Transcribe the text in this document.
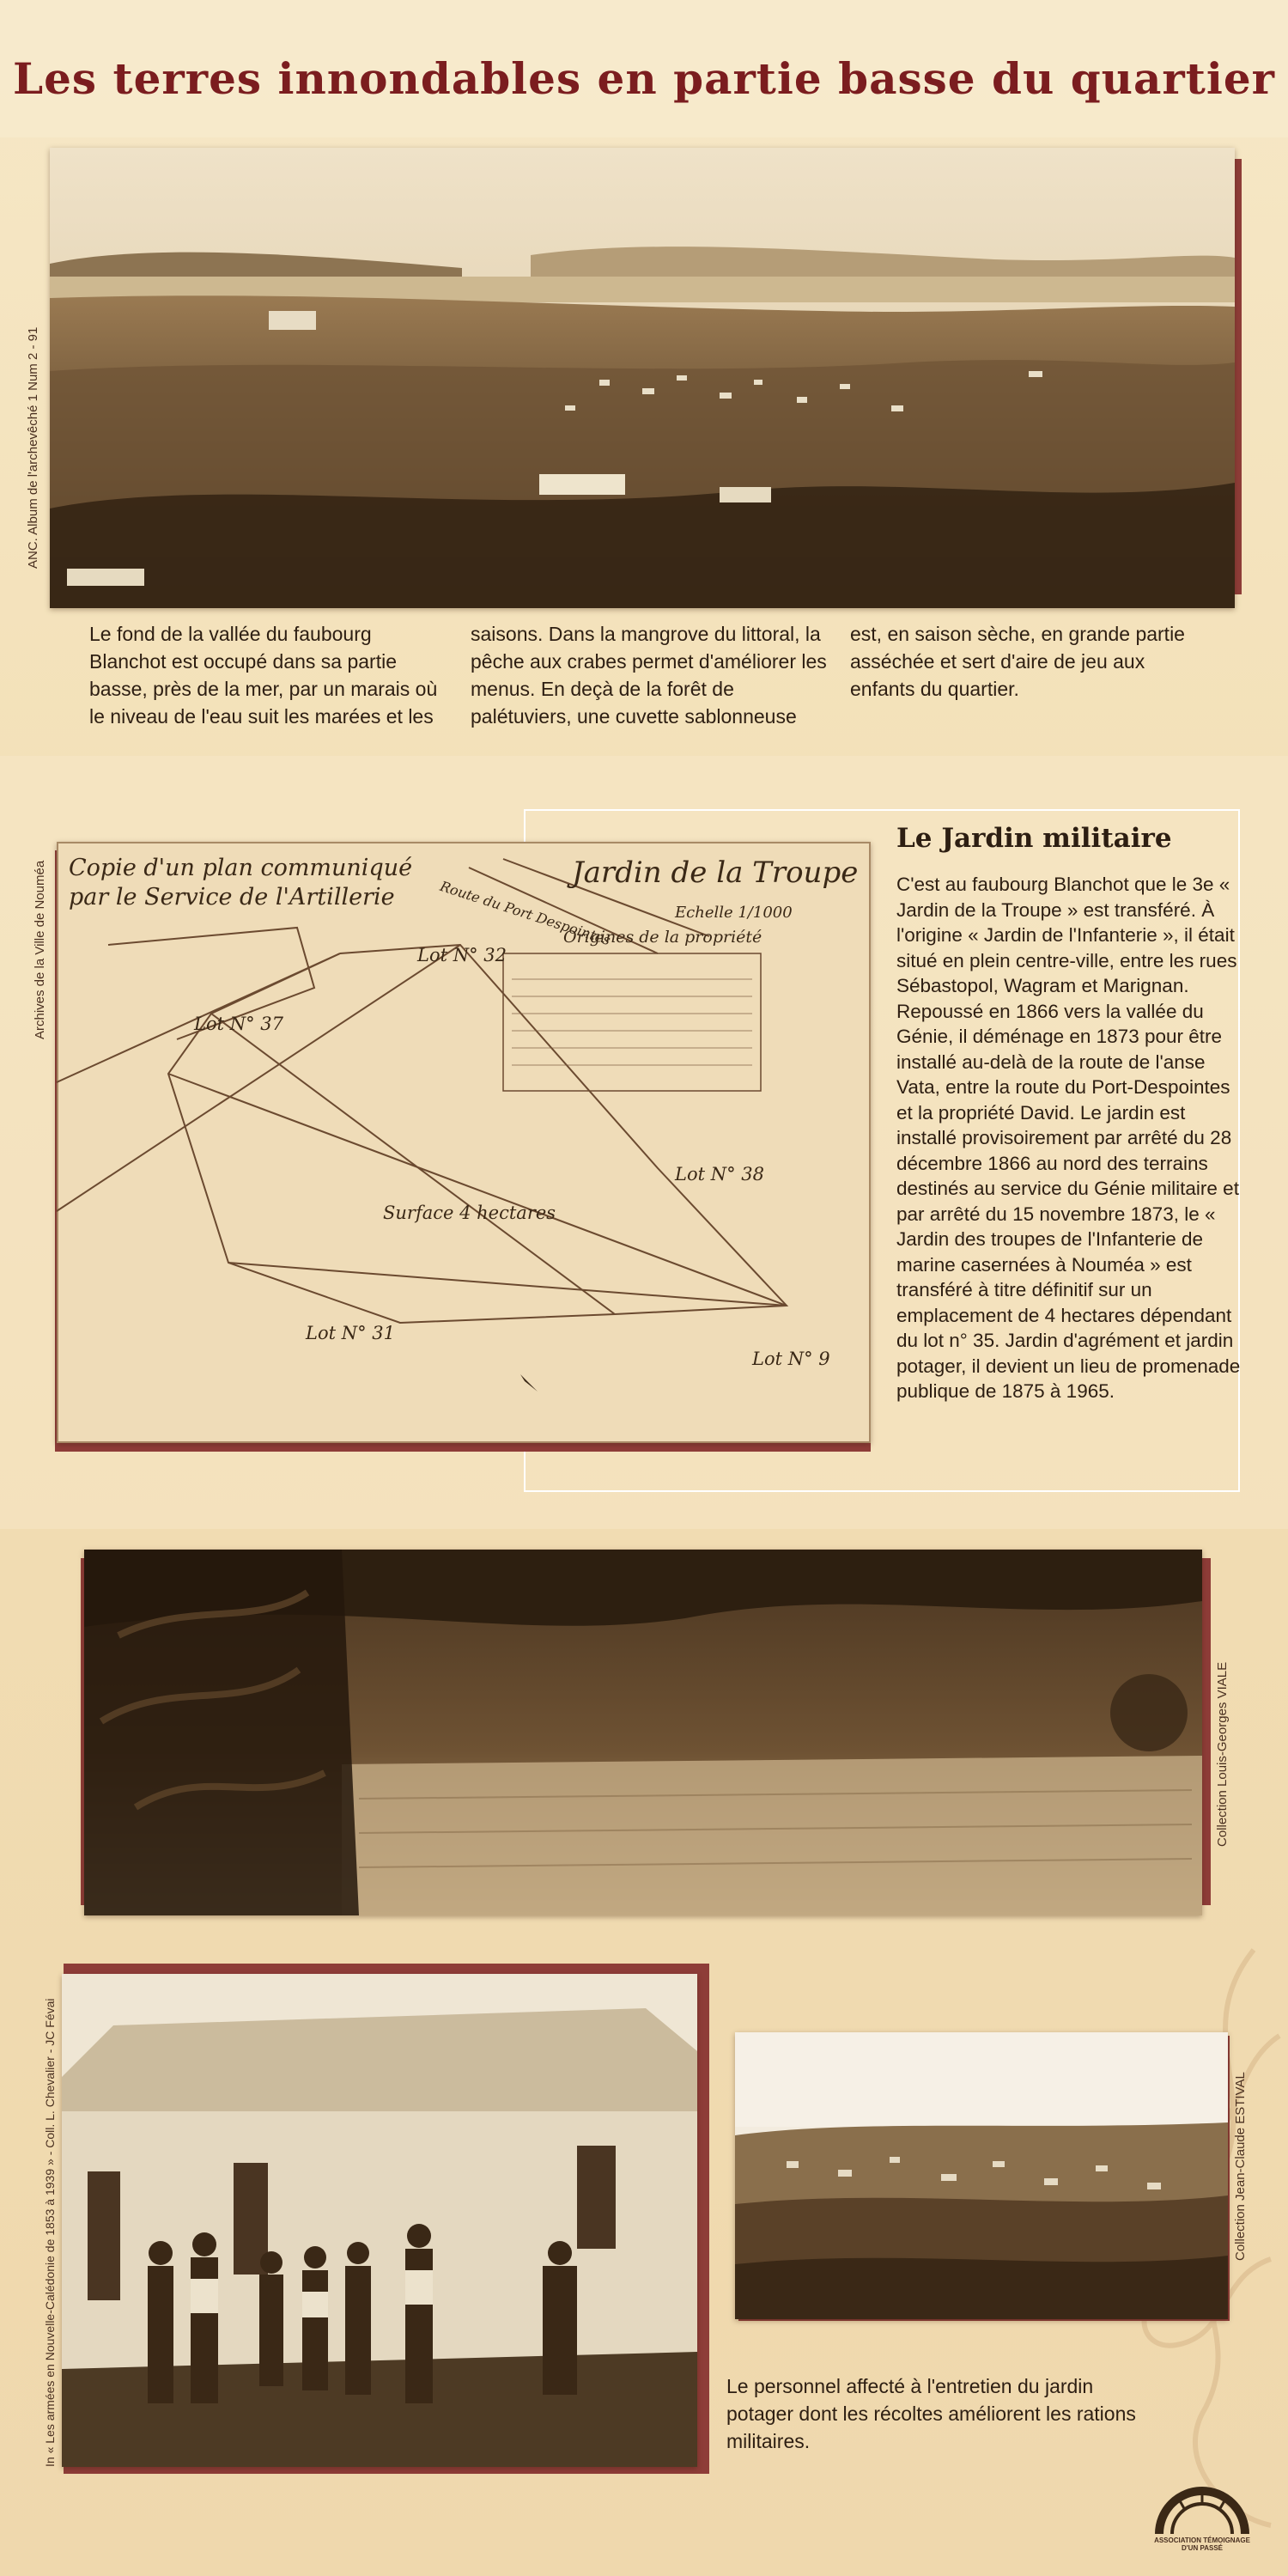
Les terres innondables en partie basse du quartier
ANC. Album de l'archevêché 1 Num 2 - 91
Le fond de la vallée du faubourg Blanchot est occupé dans sa partie basse, près de la mer, par un marais où le niveau de l'eau suit les marées et les
saisons. Dans la mangrove du littoral, la pêche aux crabes permet d'améliorer les menus. En deçà de la forêt de palétuviers, une cuvette sablonneuse
est, en saison sèche, en grande partie asséchée et sert d'aire de jeu aux enfants du quartier.
Copie d'un plan communiqué par le Service de l'Artillerie
Jardin de la Troupe
Echelle 1/1000
Origines de la propriété
Route du Port Despointes
Surface 4 hectares
Lot N° 32
Lot N° 37
Lot N° 38
Lot N° 31
Lot N° 9
Archives de la Ville de Nouméa
Le Jardin militaire
C'est au faubourg Blanchot que le 3e « Jardin de la Troupe » est transféré. À l'origine « Jardin de l'Infanterie », il était situé en plein centre-ville, entre les rues Sébastopol, Wagram et Marignan. Repoussé en 1866 vers la vallée du Génie, il déménage en 1873 pour être installé au-delà de la route de l'anse Vata, entre la route du Port-Despointes et la propriété David. Le jardin est installé provisoirement par arrêté du 28 décembre 1866 au nord des terrains destinés au service du Génie militaire et par arrêté du 15 novembre 1873, le « Jardin des troupes de l'Infanterie de marine casernées à Nouméa » est transféré à titre définitif sur un emplacement de 4 hectares dépendant du lot n° 35. Jardin d'agrément et jardin potager, il devient un lieu de promenade publique de 1875 à 1965.
Collection Louis-Georges VIALE
In « Les armées en Nouvelle-Calédonie de 1853 à 1939 » - Coll. L. Chevalier - JC Févai	Collection Jean-Claude ESTIVAL
Le personnel affecté à l'entretien du jardin potager dont les récoltes améliorent les rations militaires.
ASSOCIATION TÉMOIGNAGE D'UN PASSÉ
